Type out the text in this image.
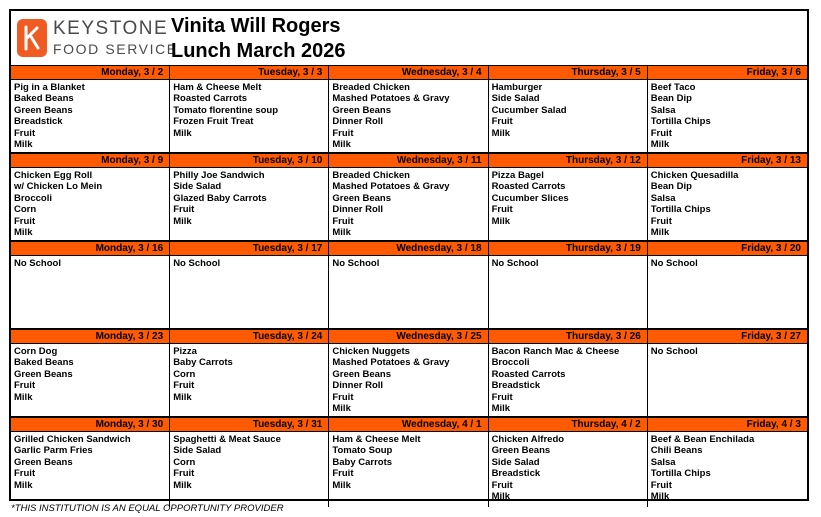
KEYSTONE
FOOD SERVICE
Vinita Will Rogers
Lunch March 2026
Monday, 3 / 2
Pig in a Blanket
Baked Beans
Green Beans
Breadstick
Fruit
Milk
Tuesday, 3 / 3
Ham & Cheese Melt
Roasted Carrots
Tomato florentine soup
Frozen Fruit Treat
Milk
Wednesday, 3 / 4
Breaded Chicken
Mashed Potatoes & Gravy
Green Beans
Dinner Roll
Fruit
Milk
Thursday, 3 / 5
Hamburger
Side Salad
Cucumber Salad
Fruit
Milk
Friday, 3 / 6
Beef Taco
Bean Dip
Salsa
Tortilla Chips
Fruit
Milk
Monday, 3 / 9
Chicken Egg Roll
w/ Chicken Lo Mein
Broccoli
Corn
Fruit
Milk
Tuesday, 3 / 10
Philly Joe Sandwich
Side Salad
Glazed Baby Carrots
Fruit
Milk
Wednesday, 3 / 11
Breaded Chicken
Mashed Potatoes & Gravy
Green Beans
Dinner Roll
Fruit
Milk
Thursday, 3 / 12
Pizza Bagel
Roasted Carrots
Cucumber Slices
Fruit
Milk
Friday, 3 / 13
Chicken Quesadilla
Bean Dip
Salsa
Tortilla Chips
Fruit
Milk
Monday, 3 / 16
No School
Tuesday, 3 / 17
No School
Wednesday, 3 / 18
No School
Thursday, 3 / 19
No School
Friday, 3 / 20
No School
Monday, 3 / 23
Corn Dog
Baked Beans
Green Beans
Fruit
Milk
Tuesday, 3 / 24
Pizza
Baby Carrots
Corn
Fruit
Milk
Wednesday, 3 / 25
Chicken Nuggets
Mashed Potatoes & Gravy
Green Beans
Dinner Roll
Fruit
Milk
Thursday, 3 / 26
Bacon Ranch Mac & Cheese
Broccoli
Roasted Carrots
Breadstick
Fruit
Milk
Friday, 3 / 27
No School
Monday, 3 / 30
Grilled Chicken Sandwich
Garlic Parm Fries
Green Beans
Fruit
Milk
Tuesday, 3 / 31
Spaghetti & Meat Sauce
Side Salad
Corn
Fruit
Milk
Wednesday, 4 / 1
Ham & Cheese Melt
Tomato Soup
Baby Carrots
Fruit
Milk
Thursday, 4 / 2
Chicken Alfredo
Green Beans
Side Salad
Breadstick
Fruit
Milk
Friday, 4 / 3
Beef & Bean Enchilada
Chili Beans
Salsa
Tortilla Chips
Fruit
Milk
*THIS INSTITUTION IS AN EQUAL OPPORTUNITY PROVIDER
